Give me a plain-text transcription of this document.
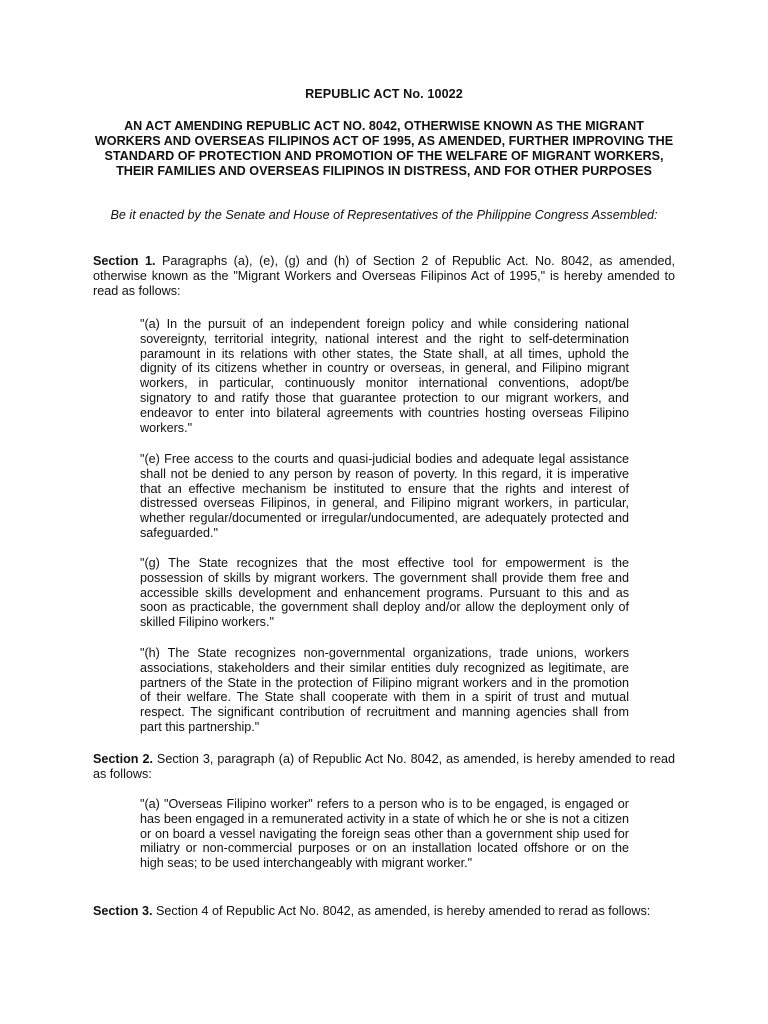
REPUBLIC ACT No. 10022
AN ACT AMENDING REPUBLIC ACT NO. 8042, OTHERWISE KNOWN AS THE MIGRANT WORKERS AND OVERSEAS FILIPINOS ACT OF 1995, AS AMENDED, FURTHER IMPROVING THE STANDARD OF PROTECTION AND PROMOTION OF THE WELFARE OF MIGRANT WORKERS, THEIR FAMILIES AND OVERSEAS FILIPINOS IN DISTRESS, AND FOR OTHER PURPOSES
Be it enacted by the Senate and House of Representatives of the Philippine Congress Assembled:
Section 1. Paragraphs (a), (e), (g) and (h) of Section 2 of Republic Act. No. 8042, as amended, otherwise known as the "Migrant Workers and Overseas Filipinos Act of 1995," is hereby amended to read as follows:
"(a) In the pursuit of an independent foreign policy and while considering national sovereignty, territorial integrity, national interest and the right to self-determination paramount in its relations with other states, the State shall, at all times, uphold the dignity of its citizens whether in country or overseas, in general, and Filipino migrant workers, in particular, continuously monitor international conventions, adopt/be signatory to and ratify those that guarantee protection to our migrant workers, and endeavor to enter into bilateral agreements with countries hosting overseas Filipino workers."
"(e) Free access to the courts and quasi-judicial bodies and adequate legal assistance shall not be denied to any person by reason of poverty. In this regard, it is imperative that an effective mechanism be instituted to ensure that the rights and interest of distressed overseas Filipinos, in general, and Filipino migrant workers, in particular, whether regular/documented or irregular/undocumented, are adequately protected and safeguarded."
"(g) The State recognizes that the most effective tool for empowerment is the possession of skills by migrant workers. The government shall provide them free and accessible skills development and enhancement programs. Pursuant to this and as soon as practicable, the government shall deploy and/or allow the deployment only of skilled Filipino workers."
"(h) The State recognizes non-governmental organizations, trade unions, workers associations, stakeholders and their similar entities duly recognized as legitimate, are partners of the State in the protection of Filipino migrant workers and in the promotion of their welfare. The State shall cooperate with them in a spirit of trust and mutual respect. The significant contribution of recruitment and manning agencies shall from part this partnership."
Section 2. Section 3, paragraph (a) of Republic Act No. 8042, as amended, is hereby amended to read as follows:
"(a) "Overseas Filipino worker" refers to a person who is to be engaged, is engaged or has been engaged in a remunerated activity in a state of which he or she is not a citizen or on board a vessel navigating the foreign seas other than a government ship used for miliatry or non-commercial purposes or on an installation located offshore or on the high seas; to be used interchangeably with migrant worker."
Section 3. Section 4 of Republic Act No. 8042, as amended, is hereby amended to rerad as follows:
